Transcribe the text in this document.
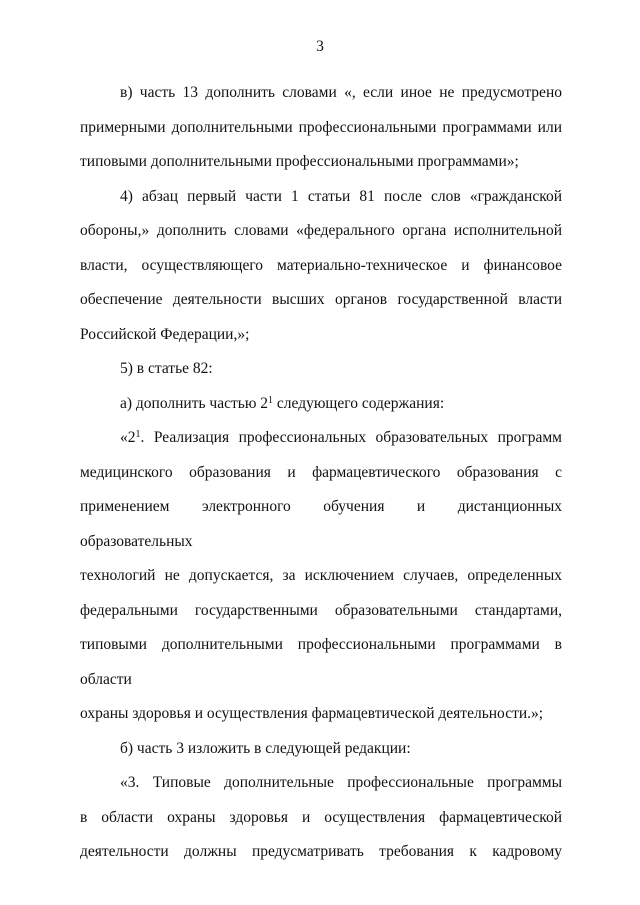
3

в) часть 13 дополнить словами «, если иное не предусмотрено

примерными дополнительными профессиональными программами или

типовыми дополнительными профессиональными программами»;

4) абзац первый части 1 статьи 81 после слов «гражданской

обороны,» дополнить словами «федерального органа исполнительной

власти, осуществляющего материально-техническое и финансовое

обеспечение деятельности высших органов государственной власти

Российской Федерации,»;

5) в статье 82:

а) дополнить частью $2^1$ следующего содержания:

«$2^1$. Реализация профессиональных образовательных программ

медицинского образования и фармацевтического образования с

применением электронного обучения и дистанционных образовательных

технологий не допускается, за исключением случаев, определенных

федеральными государственными образовательными стандартами,

типовыми дополнительными профессиональными программами в области

охраны здоровья и осуществления фармацевтической деятельности.»;

б) часть 3 изложить в следующей редакции:

«3. Типовые дополнительные профессиональные программы

в области охраны здоровья и осуществления фармацевтической

деятельности должны предусматривать требования к кадровому
